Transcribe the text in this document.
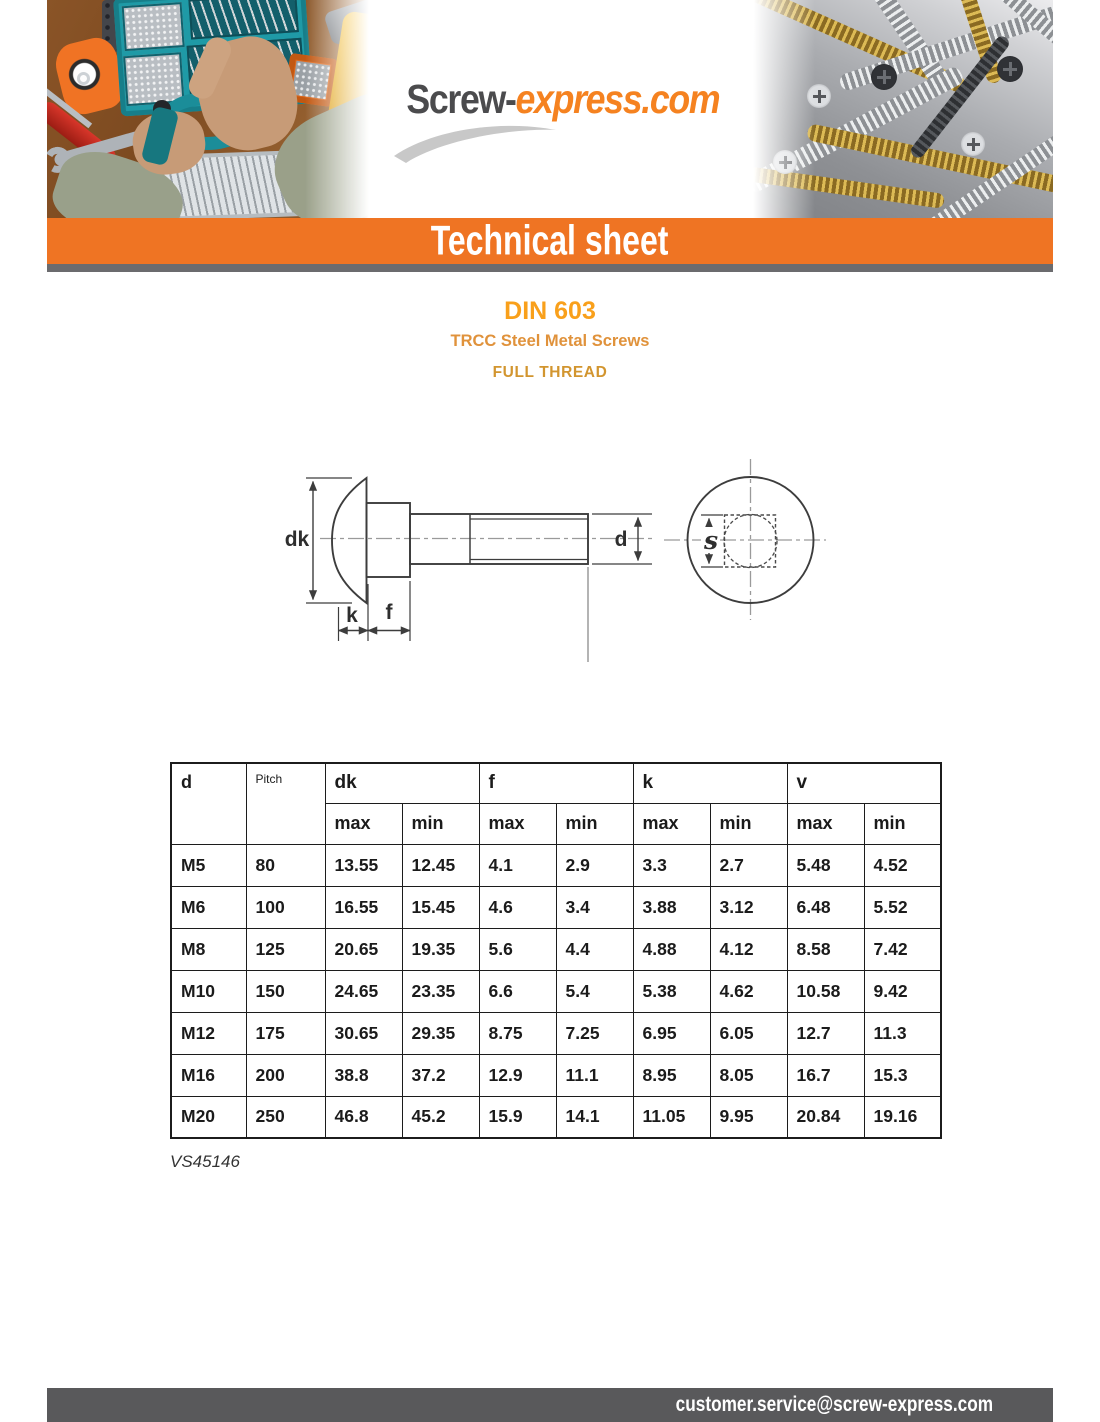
Screw-express.com
Technical sheet
DIN 603
TRCC Steel Metal Screws
FULL THREAD
dk
k f
d	s
d	Pitch	dk		f		k		v	
		max	min	max	min	max	min	max	min
M5	80	13.55	12.45	4.1	2.9	3.3	2.7	5.48	4.52
M6	100	16.55	15.45	4.6	3.4	3.88	3.12	6.48	5.52
M8	125	20.65	19.35	5.6	4.4	4.88	4.12	8.58	7.42
M10	150	24.65	23.35	6.6	5.4	5.38	4.62	10.58	9.42
M12	175	30.65	29.35	8.75	7.25	6.95	6.05	12.7	11.3
M16	200	38.8	37.2	12.9	11.1	8.95	8.05	16.7	15.3
M20	250	46.8	45.2	15.9	14.1	11.05	9.95	20.84	19.16
VS45146
customer.service@screw-express.com
